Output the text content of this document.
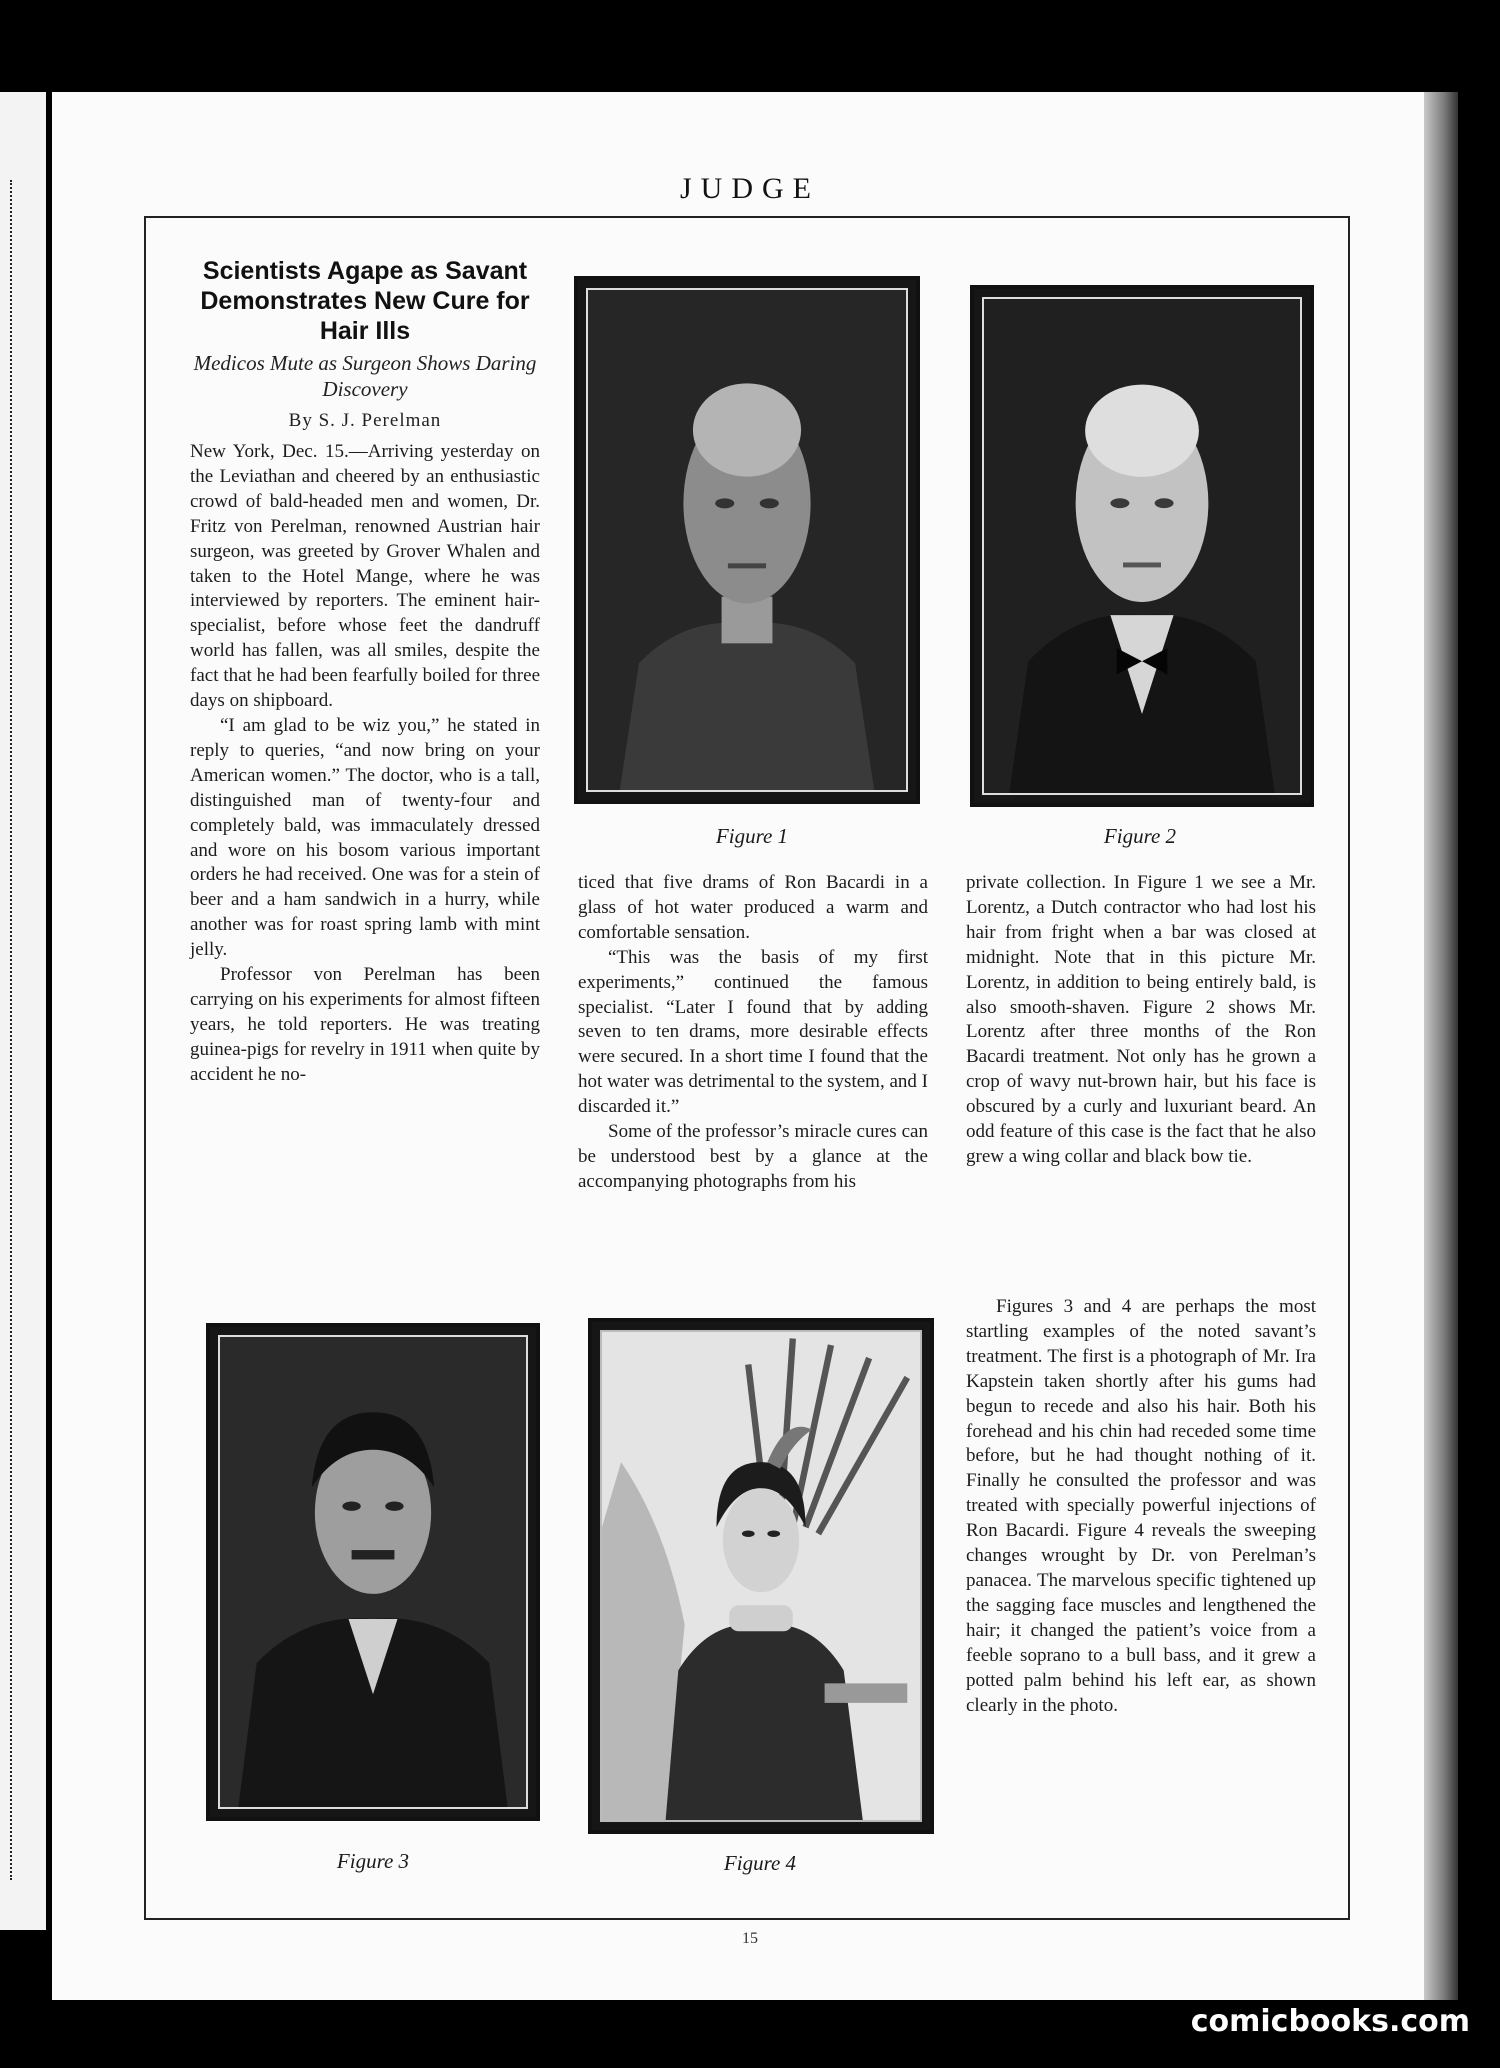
JUDGE
Scientists Agape as Savant Demonstrates New Cure for Hair Ills
Medicos Mute as Surgeon Shows Daring Discovery
By S. J. Perelman

New York, Dec. 15.—Arriving yesterday on the Leviathan and cheered by an enthusiastic crowd of bald-headed men and women, Dr. Fritz von Perelman, renowned Austrian hair surgeon, was greeted by Grover Whalen and taken to the Hotel Mange, where he was interviewed by reporters. The eminent hair-specialist, before whose feet the dandruff world has fallen, was all smiles, despite the fact that he had been fearfully boiled for three days on shipboard.

“I am glad to be wiz you,” he stated in reply to queries, “and now bring on your American women.” The doctor, who is a tall, distinguished man of twenty-four and completely bald, was immaculately dressed and wore on his bosom various important orders he had received. One was for a stein of beer and a ham sandwich in a hurry, while another was for roast spring lamb with mint jelly.

Professor von Perelman has been carrying on his experiments for almost fifteen years, he told reporters. He was treating guinea-pigs for revelry in 1911 when quite by accident he no-

ticed that five drams of Ron Bacardi in a glass of hot water produced a warm and comfortable sensation.

“This was the basis of my first experiments,” continued the famous specialist. “Later I found that by adding seven to ten drams, more desirable effects were secured. In a short time I found that the hot water was detrimental to the system, and I discarded it.”

Some of the professor’s miracle cures can be understood best by a glance at the accompanying photographs from his

private collection. In Figure 1 we see a Mr. Lorentz, a Dutch contractor who had lost his hair from fright when a bar was closed at midnight. Note that in this picture Mr. Lorentz, in addition to being entirely bald, is also smooth-shaven. Figure 2 shows Mr. Lorentz after three months of the Ron Bacardi treatment. Not only has he grown a crop of wavy nut-brown hair, but his face is obscured by a curly and luxuriant beard. An odd feature of this case is the fact that he also grew a wing collar and black bow tie.

Figures 3 and 4 are perhaps the most startling examples of the noted savant’s treatment. The first is a photograph of Mr. Ira Kapstein taken shortly after his gums had begun to recede and also his hair. Both his forehead and his chin had receded some time before, but he had thought nothing of it. Finally he consulted the professor and was treated with specially powerful injections of Ron Bacardi. Figure 4 reveals the sweeping changes wrought by Dr. von Perelman’s panacea. The marvelous specific tightened up the sagging face muscles and lengthened the hair; it changed the patient’s voice from a feeble soprano to a bull bass, and it grew a potted palm behind his left ear, as shown clearly in the photo.

Figure 1	Figure 2
Figure 3	Figure 4
15
comicbooks.com
